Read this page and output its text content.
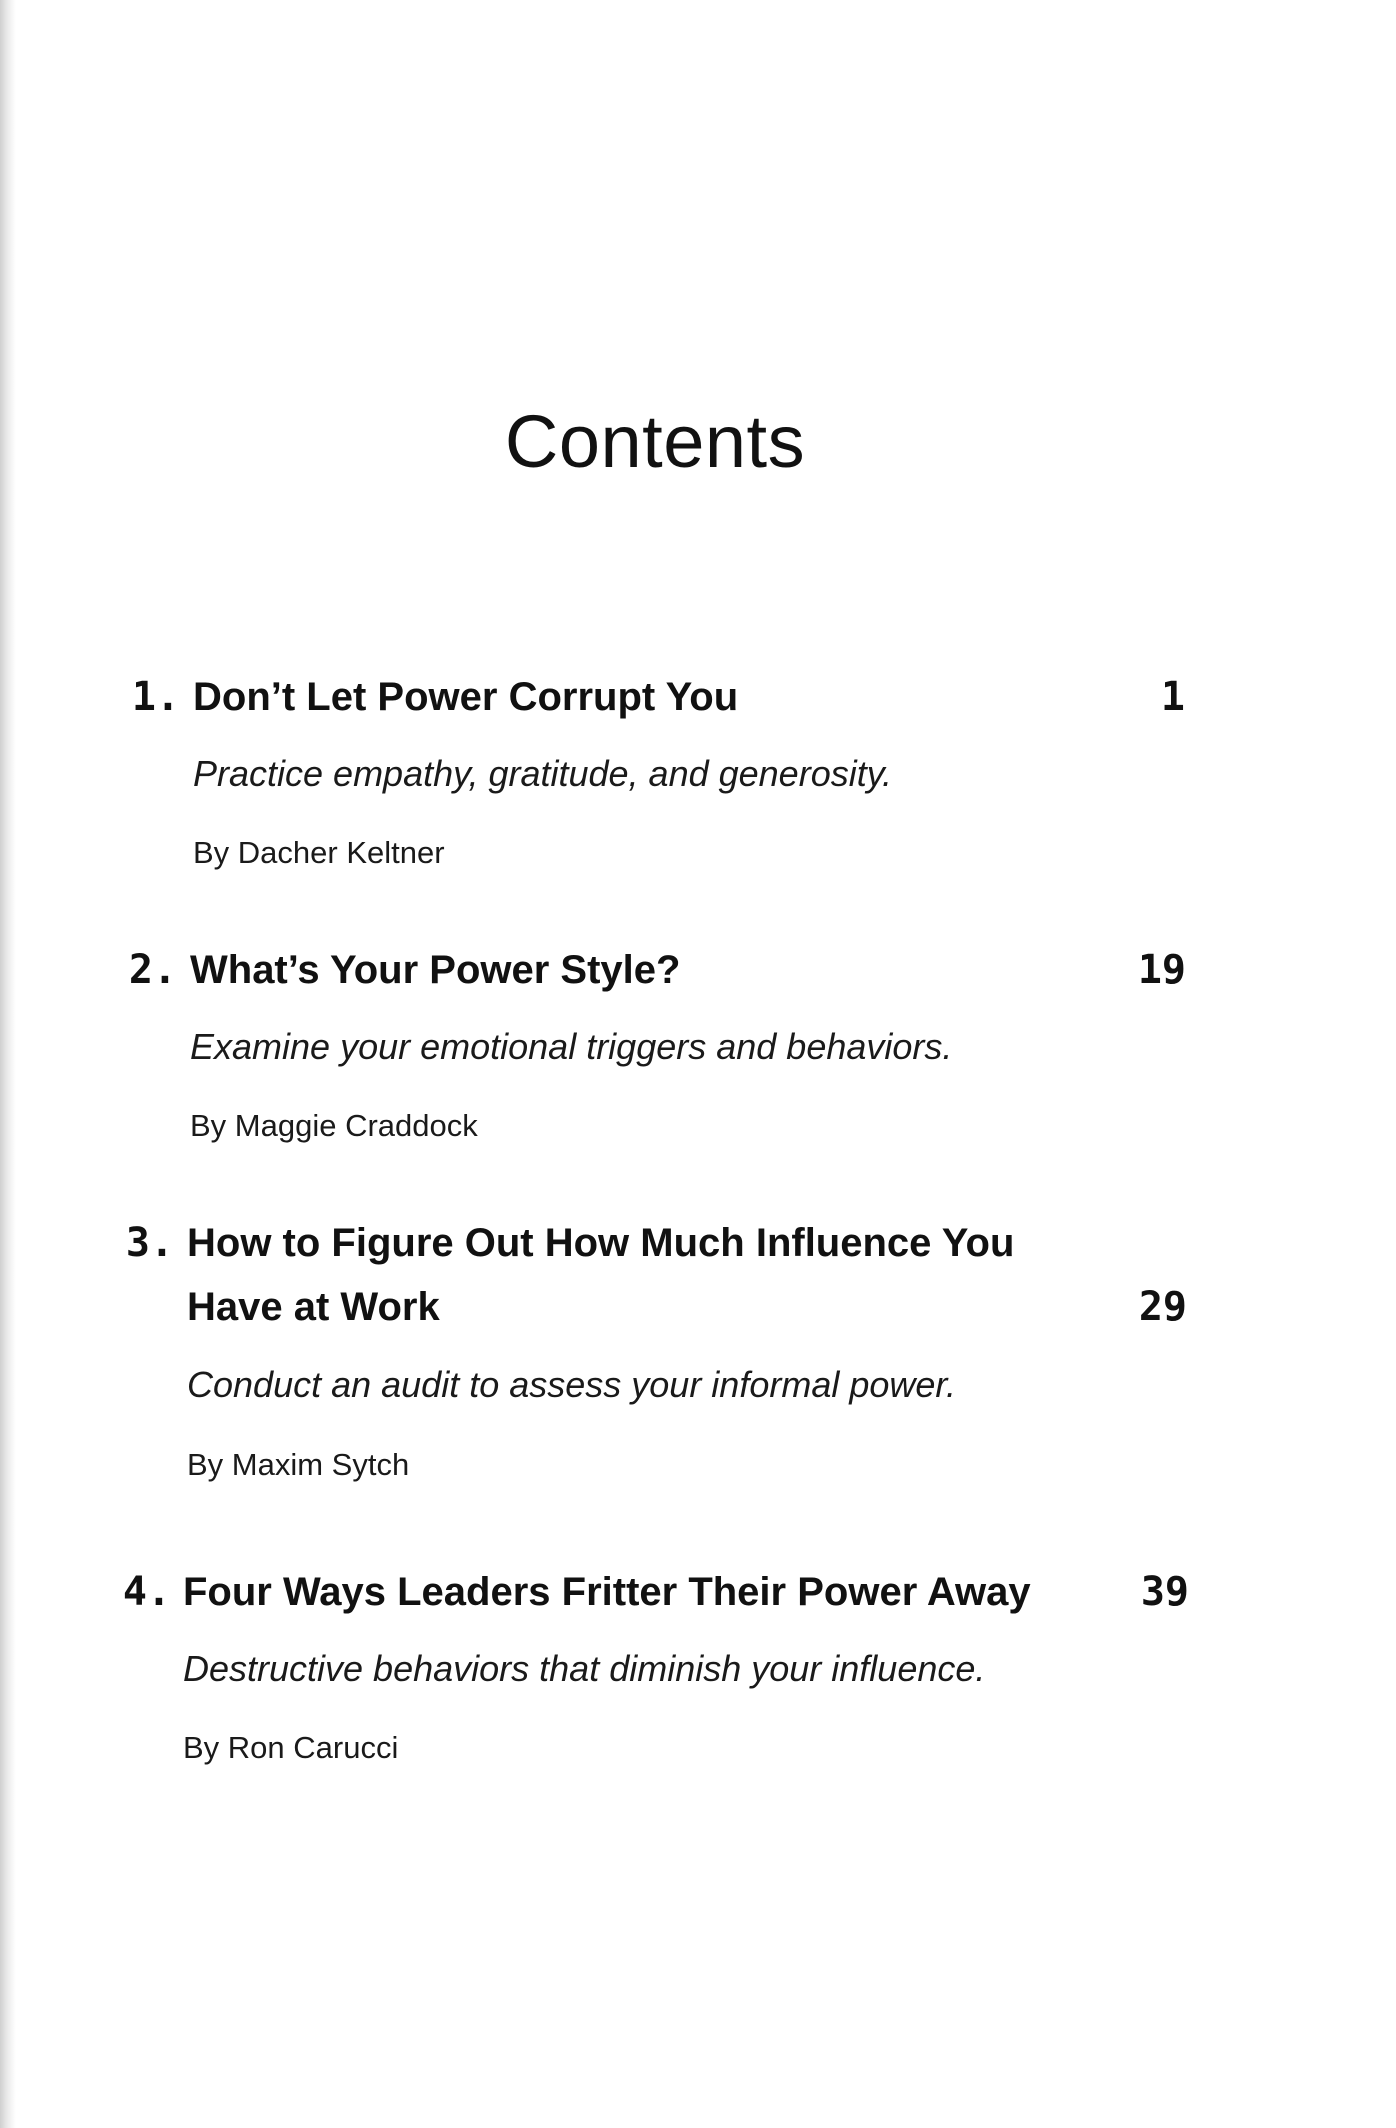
Contents
1. Don’t Let Power Corrupt You	1
Practice empathy, gratitude, and generosity.
By Dacher Keltner
2. What’s Your Power Style?	19
Examine your emotional triggers and behaviors.
By Maggie Craddock
3. How to Figure Out How Much Influence You
Have at Work	29
Conduct an audit to assess your informal power.
By Maxim Sytch
4. Four Ways Leaders Fritter Their Power Away	39
Destructive behaviors that diminish your influence.
By Ron Carucci
